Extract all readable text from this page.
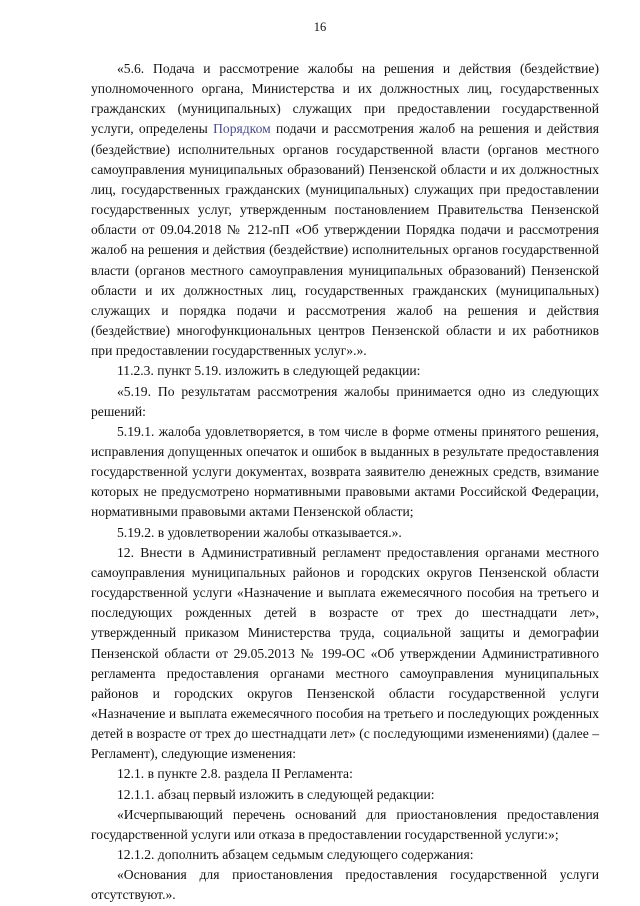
16

«5.6. Подача и рассмотрение жалобы на решения и действия (бездействие) уполномоченного органа, Министерства и их должностных лиц, государственных гражданских (муниципальных) служащих при предоставлении государственной услуги, определены Порядком подачи и рассмотрения жалоб на решения и действия (бездействие) исполнительных органов государственной власти (органов местного самоуправления муниципальных образований) Пензенской области и их должностных лиц, государственных гражданских (муниципальных) служащих при предоставлении государственных услуг, утвержденным постановлением Правительства Пензенской области от 09.04.2018 № 212-пП «Об утверждении Порядка подачи и рассмотрения жалоб на решения и действия (бездействие) исполнительных органов государственной власти (органов местного самоуправления муниципальных образований) Пензенской области и их должностных лиц, государственных гражданских (муниципальных) служащих и порядка подачи и рассмотрения жалоб на решения и действия (бездействие) многофункциональных центров Пензенской области и их работников при предоставлении государственных услуг».».

11.2.3. пункт 5.19. изложить в следующей редакции:

«5.19. По результатам рассмотрения жалобы принимается одно из следующих решений:

5.19.1. жалоба удовлетворяется, в том числе в форме отмены принятого решения, исправления допущенных опечаток и ошибок в выданных в результате предоставления государственной услуги документах, возврата заявителю денежных средств, взимание которых не предусмотрено нормативными правовыми актами Российской Федерации, нормативными правовыми актами Пензенской области;

5.19.2. в удовлетворении жалобы отказывается.».

12. Внести в Административный регламент предоставления органами местного самоуправления муниципальных районов и городских округов Пензенской области государственной услуги «Назначение и выплата ежемесячного пособия на третьего и последующих рожденных детей в возрасте от трех до шестнадцати лет», утвержденный приказом Министерства труда, социальной защиты и демографии Пензенской области от 29.05.2013 № 199-ОС «Об утверждении Административного регламента предоставления органами местного самоуправления муниципальных районов и городских округов Пензенской области государственной услуги «Назначение и выплата ежемесячного пособия на третьего и последующих рожденных детей в возрасте от трех до шестнадцати лет» (с последующими изменениями) (далее – Регламент), следующие изменения:

12.1. в пункте 2.8. раздела II Регламента:

12.1.1. абзац первый изложить в следующей редакции:

«Исчерпывающий перечень оснований для приостановления предоставления государственной услуги или отказа в предоставлении государственной услуги:»;

12.1.2. дополнить абзацем седьмым следующего содержания:

«Основания для приостановления предоставления государственной услуги отсутствуют.».
